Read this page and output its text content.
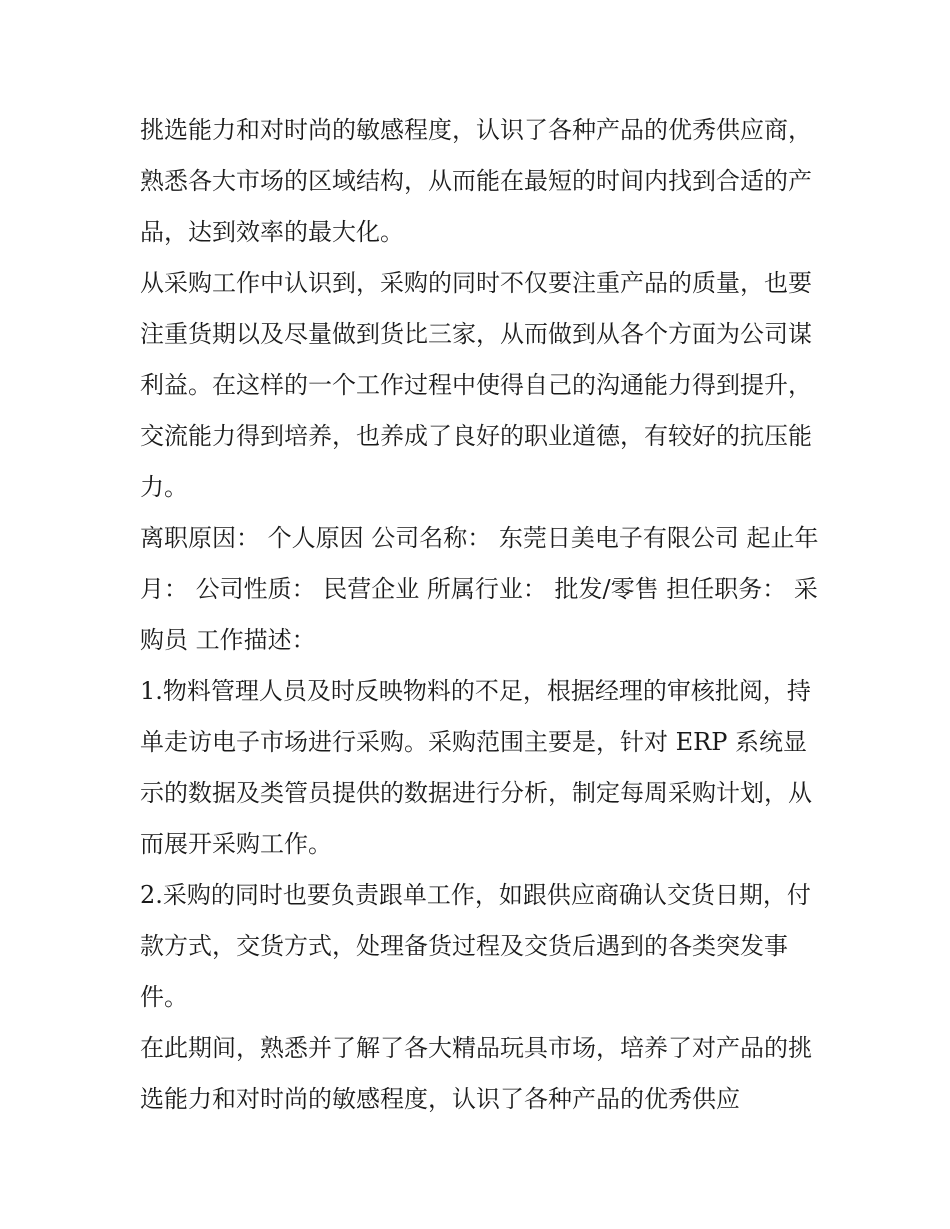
挑选能力和对时尚的敏感程度，认识了各种产品的优秀供应商，熟悉各大市场的区域结构，从而能在最短的时间内找到合适的产品，达到效率的最大化。

从采购工作中认识到，采购的同时不仅要注重产品的质量，也要注重货期以及尽量做到货比三家，从而做到从各个方面为公司谋利益。在这样的一个工作过程中使得自己的沟通能力得到提升，交流能力得到培养，也养成了良好的职业道德，有较好的抗压能力。

离职原因： 个人原因 公司名称： 东莞日美电子有限公司 起止年月： 公司性质： 民营企业 所属行业： 批发/零售 担任职务： 采购员 工作描述：

1.物料管理人员及时反映物料的不足，根据经理的审核批阅，持单走访电子市场进行采购。采购范围主要是，针对 ERP 系统显示的数据及类管员提供的数据进行分析，制定每周采购计划，从而展开采购工作。

2.采购的同时也要负责跟单工作，如跟供应商确认交货日期，付款方式，交货方式，处理备货过程及交货后遇到的各类突发事件。

在此期间，熟悉并了解了各大精品玩具市场，培养了对产品的挑选能力和对时尚的敏感程度，认识了各种产品的优秀供应
